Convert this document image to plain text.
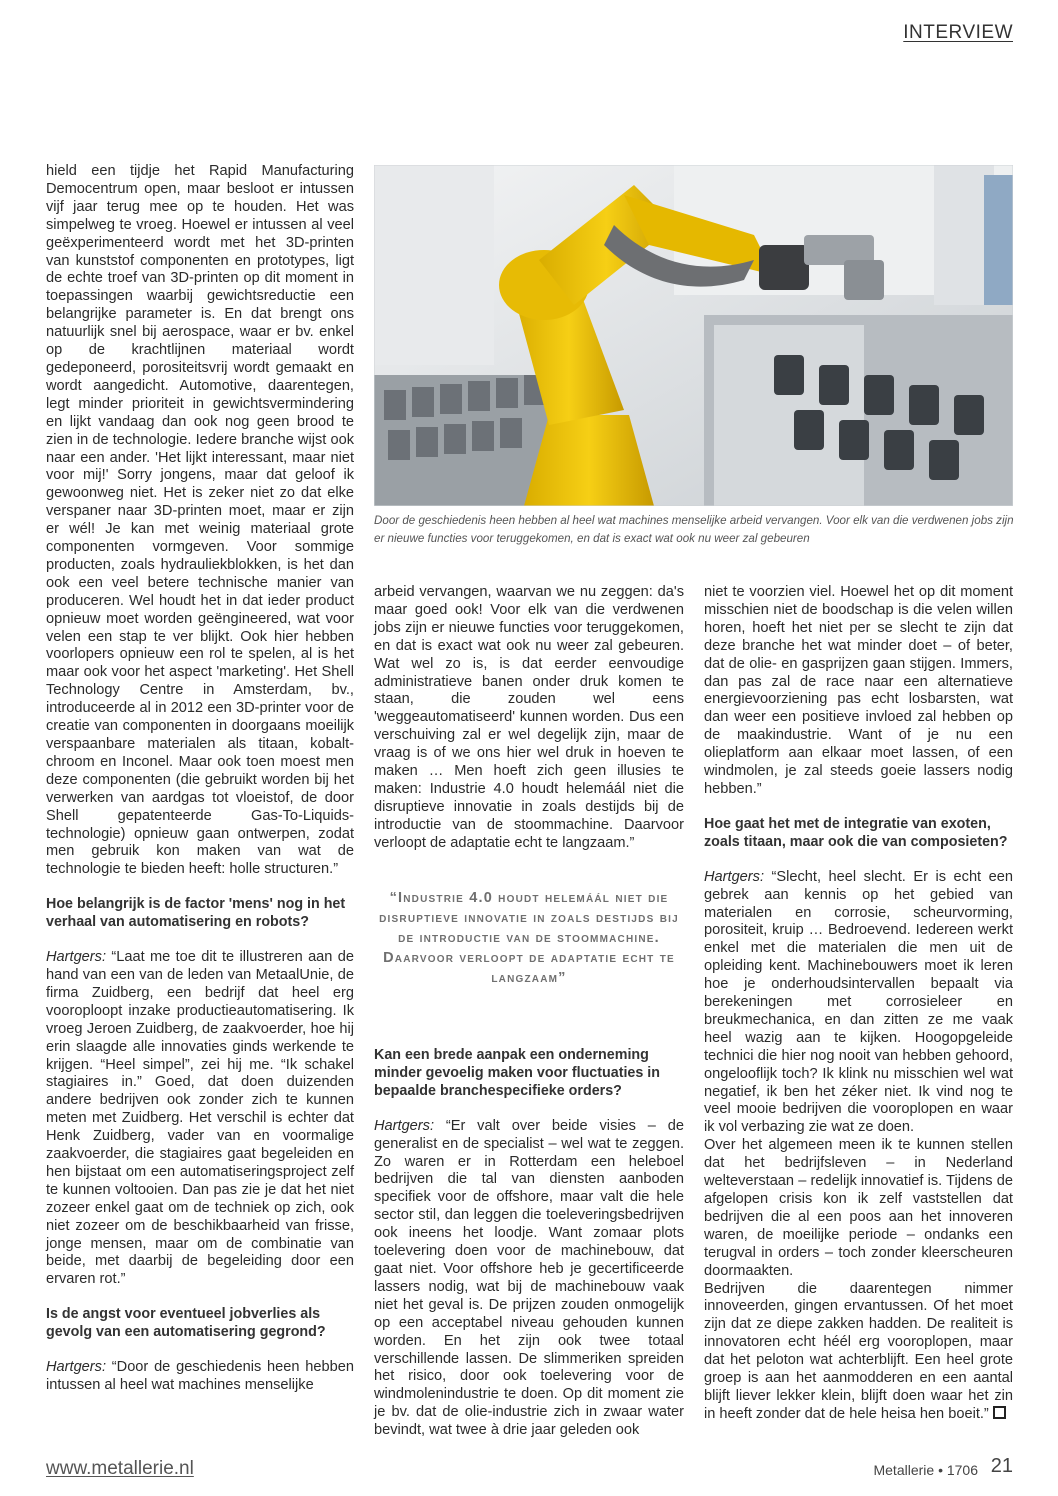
INTERVIEW

hield een tijdje het Rapid Manufacturing Democentrum open, maar besloot er intussen vijf jaar terug mee op te houden. Het was simpelweg te vroeg. Hoewel er intussen al veel geëxperimenteerd wordt met het 3D-printen van kunststof componenten en prototypes, ligt de echte troef van 3D-printen op dit moment in toepassingen waarbij gewichtsreductie een belangrijke parameter is. En dat brengt ons natuurlijk snel bij aerospace, waar er bv. enkel op de krachtlijnen materiaal wordt gedeponeerd, porositeitsvrij wordt gemaakt en wordt aangedicht. Automotive, daarentegen, legt minder prioriteit in gewichtsvermindering en lijkt vandaag dan ook nog geen brood te zien in de technologie. Iedere branche wijst ook naar een ander. 'Het lijkt interessant, maar niet voor mij!' Sorry jongens, maar dat geloof ik gewoonweg niet. Het is zeker niet zo dat elke verspaner naar 3D-printen moet, maar er zijn er wél! Je kan met weinig materiaal grote componenten vormgeven. Voor sommige producten, zoals hydrauliekblokken, is het dan ook een veel betere technische manier van produceren. Wel houdt het in dat ieder product opnieuw moet worden geëngineered, wat voor velen een stap te ver blijkt. Ook hier hebben voorlopers opnieuw een rol te spelen, al is het maar ook voor het aspect 'marketing'. Het Shell Technology Centre in Amsterdam, bv., introduceerde al in 2012 een 3D-printer voor de creatie van componenten in doorgaans moeilijk verspaanbare materialen als titaan, kobalt-chroom en Inconel. Maar ook toen moest men deze componenten (die gebruikt worden bij het verwerken van aardgas tot vloeistof, de door Shell gepatenteerde Gas-To-Liquids-technologie) opnieuw gaan ontwerpen, zodat men gebruik kon maken van wat de technologie te bieden heeft: holle structuren.”

Hoe belangrijk is de factor 'mens' nog in het verhaal van automatisering en robots?

Hartgers: “Laat me toe dit te illustreren aan de hand van een van de leden van MetaalUnie, de firma Zuidberg, een bedrijf dat heel erg vooroploopt inzake productieautomatisering. Ik vroeg Jeroen Zuidberg, de zaakvoerder, hoe hij erin slaagde alle innovaties ginds werkende te krijgen. “Heel simpel”, zei hij me. “Ik schakel stagiaires in.” Goed, dat doen duizenden andere bedrijven ook zonder zich te kunnen meten met Zuidberg. Het verschil is echter dat Henk Zuidberg, vader van en voormalige zaakvoerder, die stagiaires gaat begeleiden en hen bijstaat om een automatiseringsproject zelf te kunnen voltooien. Dan pas zie je dat het niet zozeer enkel gaat om de techniek op zich, ook niet zozeer om de beschikbaarheid van frisse, jonge mensen, maar om de combinatie van beide, met daarbij de begeleiding door een ervaren rot.”

Is de angst voor eventueel jobverlies als gevolg van een automatisering gegrond?

Hartgers: “Door de geschiedenis heen hebben intussen al heel wat machines menselijke

Door de geschiedenis heen hebben al heel wat machines menselijke arbeid vervangen. Voor elk van die verdwenen jobs zijn er nieuwe functies voor teruggekomen, en dat is exact wat ook nu weer zal gebeuren

arbeid vervangen, waarvan we nu zeggen: da's maar goed ook! Voor elk van die verdwenen jobs zijn er nieuwe functies voor teruggekomen, en dat is exact wat ook nu weer zal gebeuren. Wat wel zo is, is dat eerder eenvoudige administratieve banen onder druk komen te staan, die zouden wel eens 'weggeautomatiseerd' kunnen worden. Dus een verschuiving zal er wel degelijk zijn, maar de vraag is of we ons hier wel druk in hoeven te maken … Men hoeft zich geen illusies te maken: Industrie 4.0 houdt helemáál niet die disruptieve innovatie in zoals destijds bij de introductie van de stoommachine. Daarvoor verloopt de adaptatie echt te langzaam.”

“Industrie 4.0 houdt helemáál niet die disruptieve innovatie in zoals destijds bij de introductie van de stoommachine. Daarvoor verloopt de adaptatie echt te langzaam”

Kan een brede aanpak een onderneming minder gevoelig maken voor fluctuaties in bepaalde branchespecifieke orders?

Hartgers: “Er valt over beide visies – de generalist en de specialist – wel wat te zeggen. Zo waren er in Rotterdam een heleboel bedrijven die tal van diensten aanboden specifiek voor de offshore, maar valt die hele sector stil, dan leggen die toeleveringsbedrijven ook ineens het loodje. Want zomaar plots toelevering doen voor de machinebouw, dat gaat niet. Voor offshore heb je gecertificeerde lassers nodig, wat bij de machinebouw vaak niet het geval is. De prijzen zouden onmogelijk op een acceptabel niveau gehouden kunnen worden. En het zijn ook twee totaal verschillende lassen. De slimmeriken spreiden het risico, door ook toelevering voor de windmolenindustrie te doen. Op dit moment zie je bv. dat de olie-industrie zich in zwaar water bevindt, wat twee à drie jaar geleden ook

niet te voorzien viel. Hoewel het op dit moment misschien niet de boodschap is die velen willen horen, hoeft het niet per se slecht te zijn dat deze branche het wat minder doet – of beter, dat de olie- en gasprijzen gaan stijgen. Immers, dan pas zal de race naar een alternatieve energievoorziening pas echt losbarsten, wat dan weer een positieve invloed zal hebben op de maakindustrie. Want of je nu een olieplatform aan elkaar moet lassen, of een windmolen, je zal steeds goeie lassers nodig hebben.”

Hoe gaat het met de integratie van exoten, zoals titaan, maar ook die van composieten?

Hartgers: “Slecht, heel slecht. Er is echt een gebrek aan kennis op het gebied van materialen en corrosie, scheurvorming, porositeit, kruip … Bedroevend. Iedereen werkt enkel met die materialen die men uit de opleiding kent. Machinebouwers moet ik leren hoe je onderhoudsintervallen bepaalt via berekeningen met corrosieleer en breukmechanica, en dan zitten ze me vaak heel wazig aan te kijken. Hoogopgeleide technici die hier nog nooit van hebben gehoord, ongelooflijk toch? Ik klink nu misschien wel wat negatief, ik ben het zéker niet. Ik vind nog te veel mooie bedrijven die vooroplopen en waar ik vol verbazing zie wat ze doen.

Over het algemeen meen ik te kunnen stellen dat het bedrijfsleven – in Nederland welteverstaan – redelijk innovatief is. Tijdens de afgelopen crisis kon ik zelf vaststellen dat bedrijven die al een poos aan het innoveren waren, de moeilijke periode – ondanks een terugval in orders – toch zonder kleerscheuren doormaakten.

Bedrijven die daarentegen nimmer innoveerden, gingen ervantussen. Of het moet zijn dat ze diepe zakken hadden. De realiteit is innovatoren echt héél erg vooroplopen, maar dat het peloton wat achterblijft. Een heel grote groep is aan het aanmodderen en een aantal blijft liever lekker klein, blijft doen waar het zin in heeft zonder dat de hele heisa hen boeit.”

www.metallerie.nl	Metallerie • 1706 21
